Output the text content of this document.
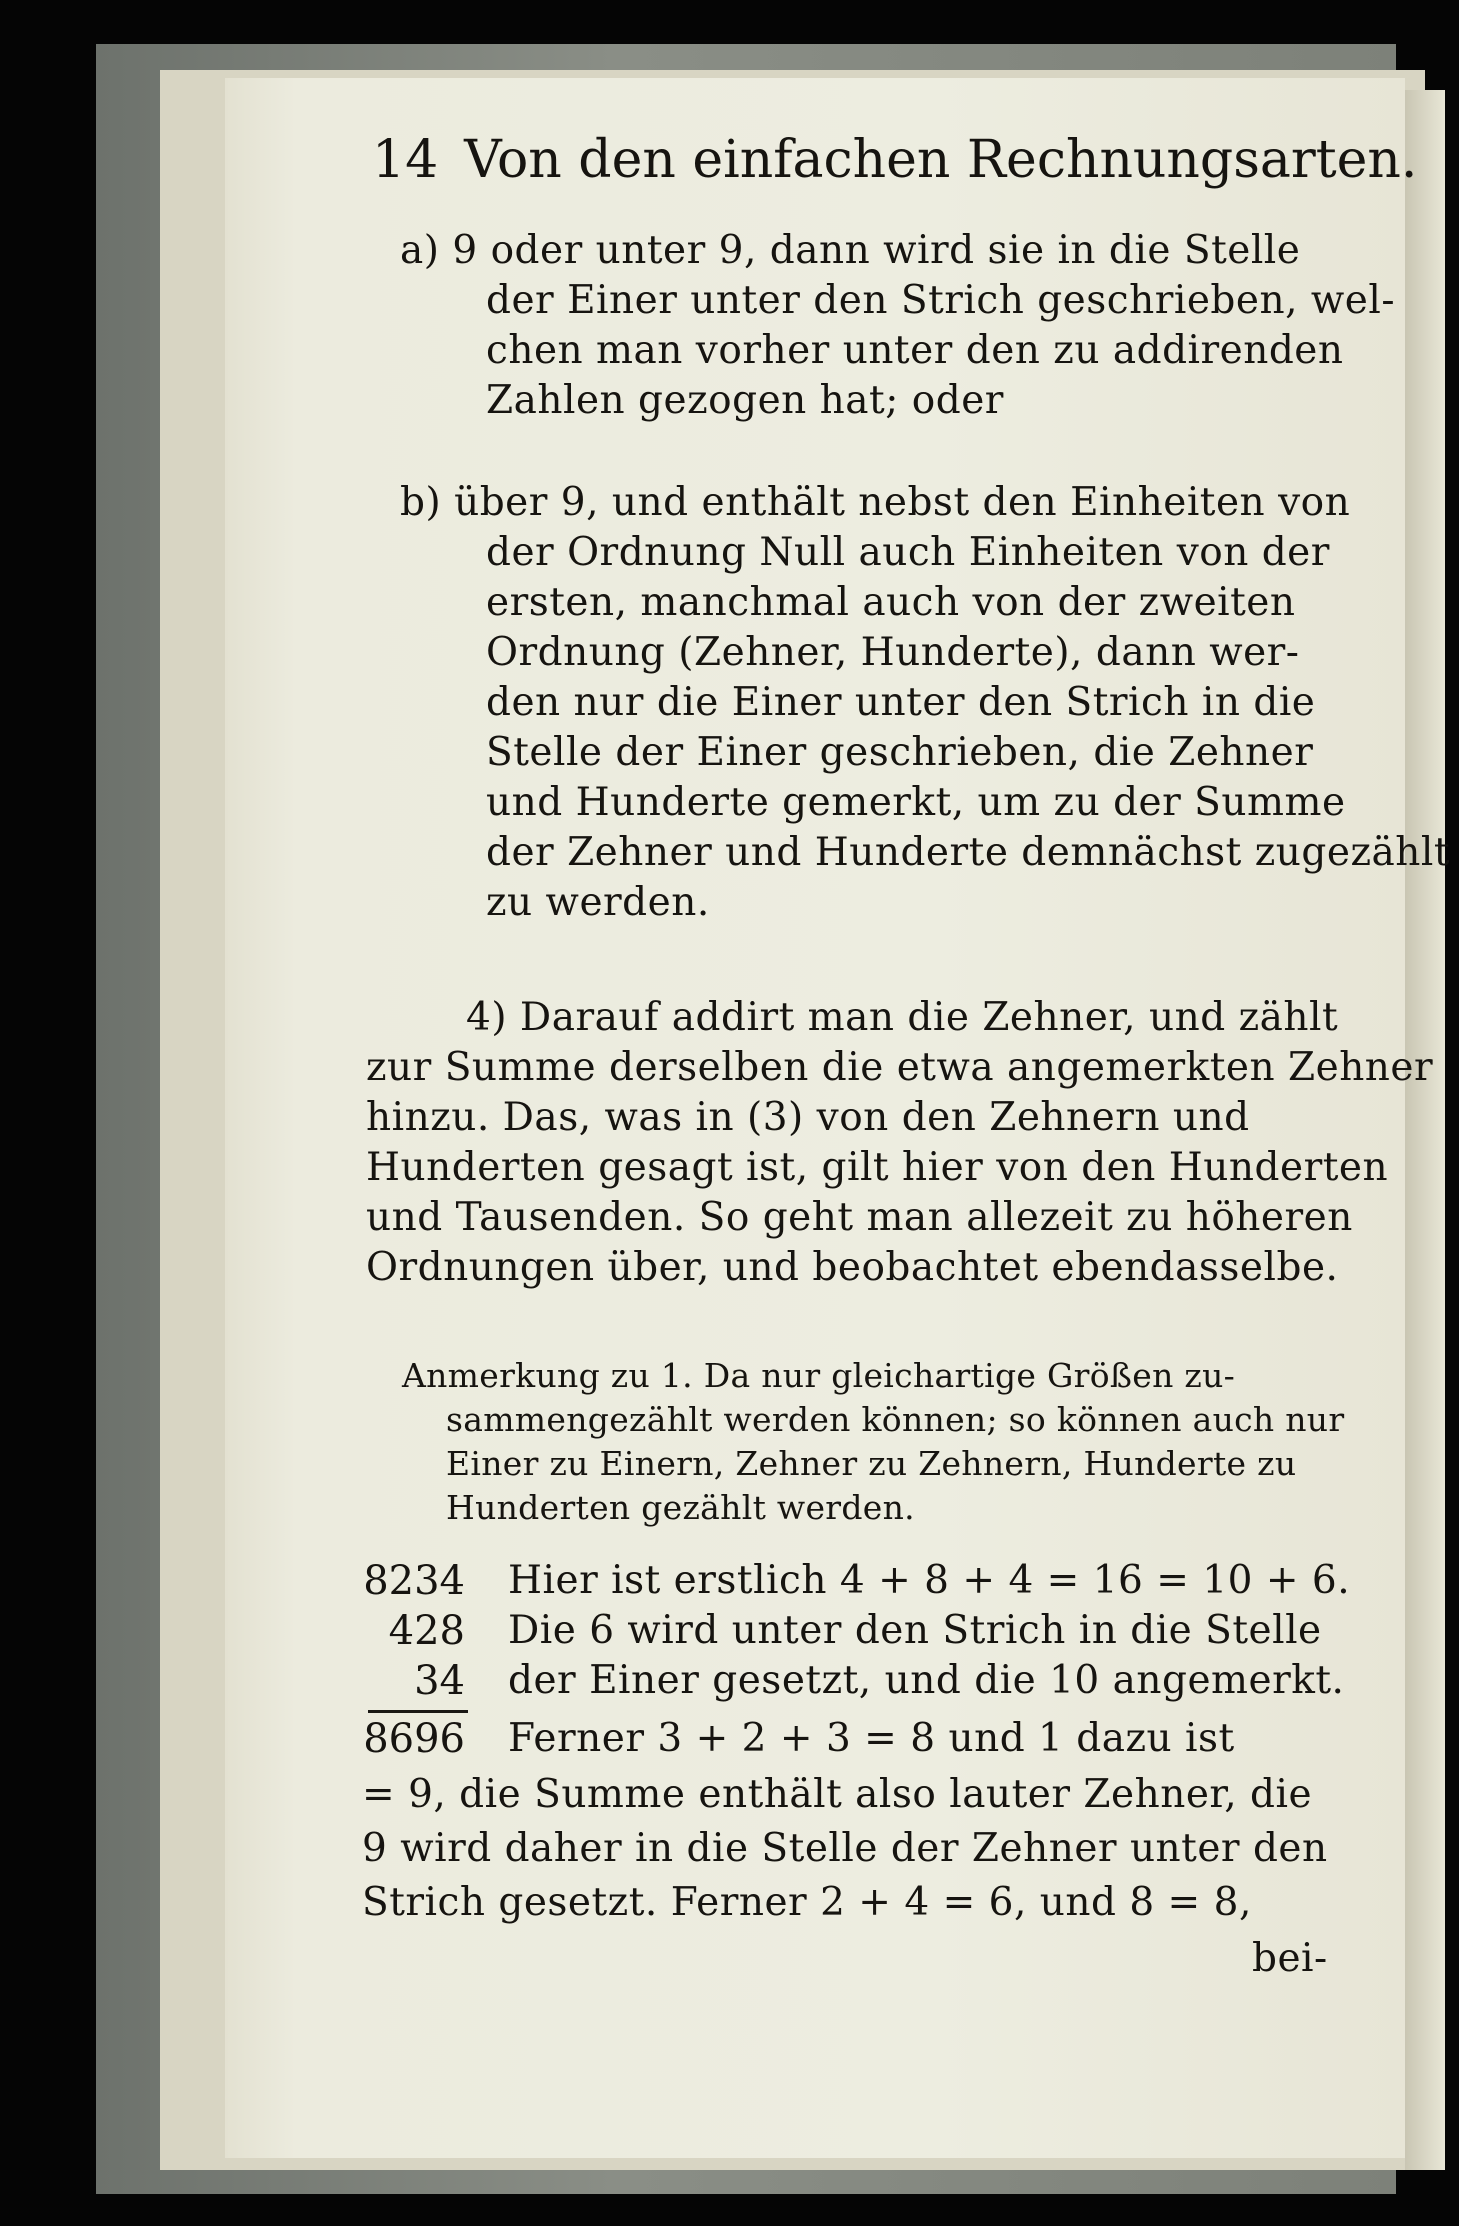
14 Von den einfachen Rechnungsarten.
a) 9 oder unter 9, dann wird sie in die Stelle
der Einer unter den Strich geschrieben, wel-
chen man vorher unter den zu addirenden
Zahlen gezogen hat; oder
b) über 9, und enthält nebst den Einheiten von
der Ordnung Null auch Einheiten von der
ersten, manchmal auch von der zweiten
Ordnung (Zehner, Hunderte), dann wer-
den nur die Einer unter den Strich in die
Stelle der Einer geschrieben, die Zehner
und Hunderte gemerkt, um zu der Summe
der Zehner und Hunderte demnächst zugezählt
zu werden.
4) Darauf addirt man die Zehner, und zählt
zur Summe derselben die etwa angemerkten Zehner
hinzu. Das, was in (3) von den Zehnern und
Hunderten gesagt ist, gilt hier von den Hunderten
und Tausenden. So geht man allezeit zu höheren
Ordnungen über, und beobachtet ebendasselbe.
Anmerkung zu 1. Da nur gleichartige Größen zu-
sammengezählt werden können; so können auch nur
Einer zu Einern, Zehner zu Zehnern, Hunderte zu
Hunderten gezählt werden.
8234
428
34
8696
Hier ist erstlich 4 + 8 + 4 = 16 = 10 + 6.
Die 6 wird unter den Strich in die Stelle
der Einer gesetzt, und die 10 angemerkt.
Ferner 3 + 2 + 3 = 8 und 1 dazu ist
= 9, die Summe enthält also lauter Zehner, die
9 wird daher in die Stelle der Zehner unter den
Strich gesetzt. Ferner 2 + 4 = 6, und 8 = 8,
bei-
